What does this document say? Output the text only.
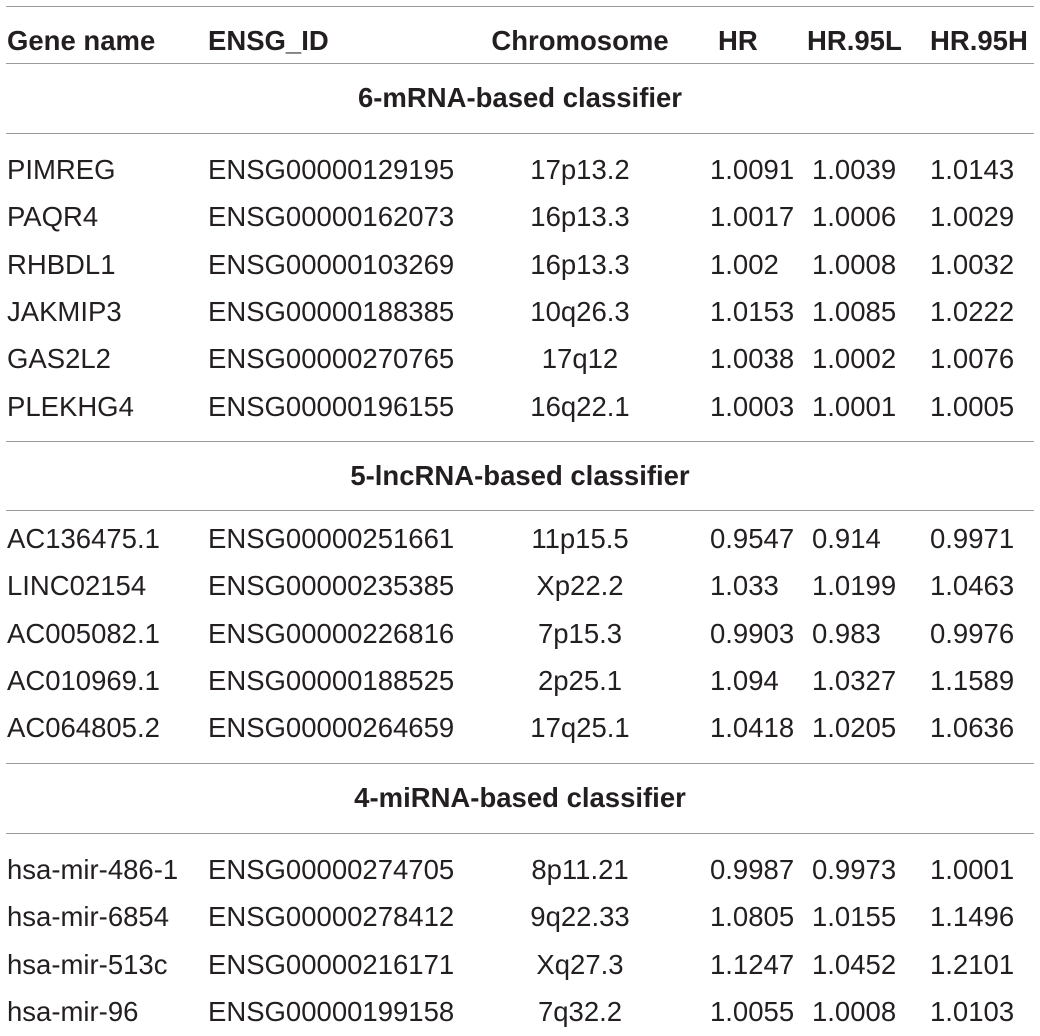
Gene name ENSG_ID	Chromosome HR HR.95L HR.95H
6-mRNA-based classifier
PIMREG	ENSG00000129195	17p13.2	1.0091 1.0039 1.0143
PAQR4	ENSG00000162073	16p13.3	1.0017 1.0006 1.0029
RHBDL1	ENSG00000103269	16p13.3	1.002 1.0008 1.0032
JAKMIP3	ENSG00000188385	10q26.3	1.0153 1.0085 1.0222
GAS2L2	ENSG00000270765	17q12	1.0038 1.0002 1.0076
PLEKHG4	ENSG00000196155	16q22.1	1.0003 1.0001 1.0005
5-lncRNA-based classifier
AC136475.1 ENSG00000251661	11p15.5	0.9547 0.914 0.9971
LINC02154 ENSG00000235385	Xp22.2	1.033 1.0199 1.0463
AC005082.1 ENSG00000226816	7p15.3	0.9903 0.983 0.9976
AC010969.1 ENSG00000188525	2p25.1	1.094 1.0327 1.1589
AC064805.2 ENSG00000264659	17q25.1	1.0418 1.0205 1.0636
4-miRNA-based classifier
hsa-mir-486-1 ENSG00000274705	8p11.21	0.9987 0.9973 1.0001
hsa-mir-6854 ENSG00000278412	9q22.33	1.0805 1.0155 1.1496
hsa-mir-513c ENSG00000216171	Xq27.3	1.1247 1.0452 1.2101
hsa-mir-96	ENSG00000199158	7q32.2	1.0055 1.0008 1.0103
